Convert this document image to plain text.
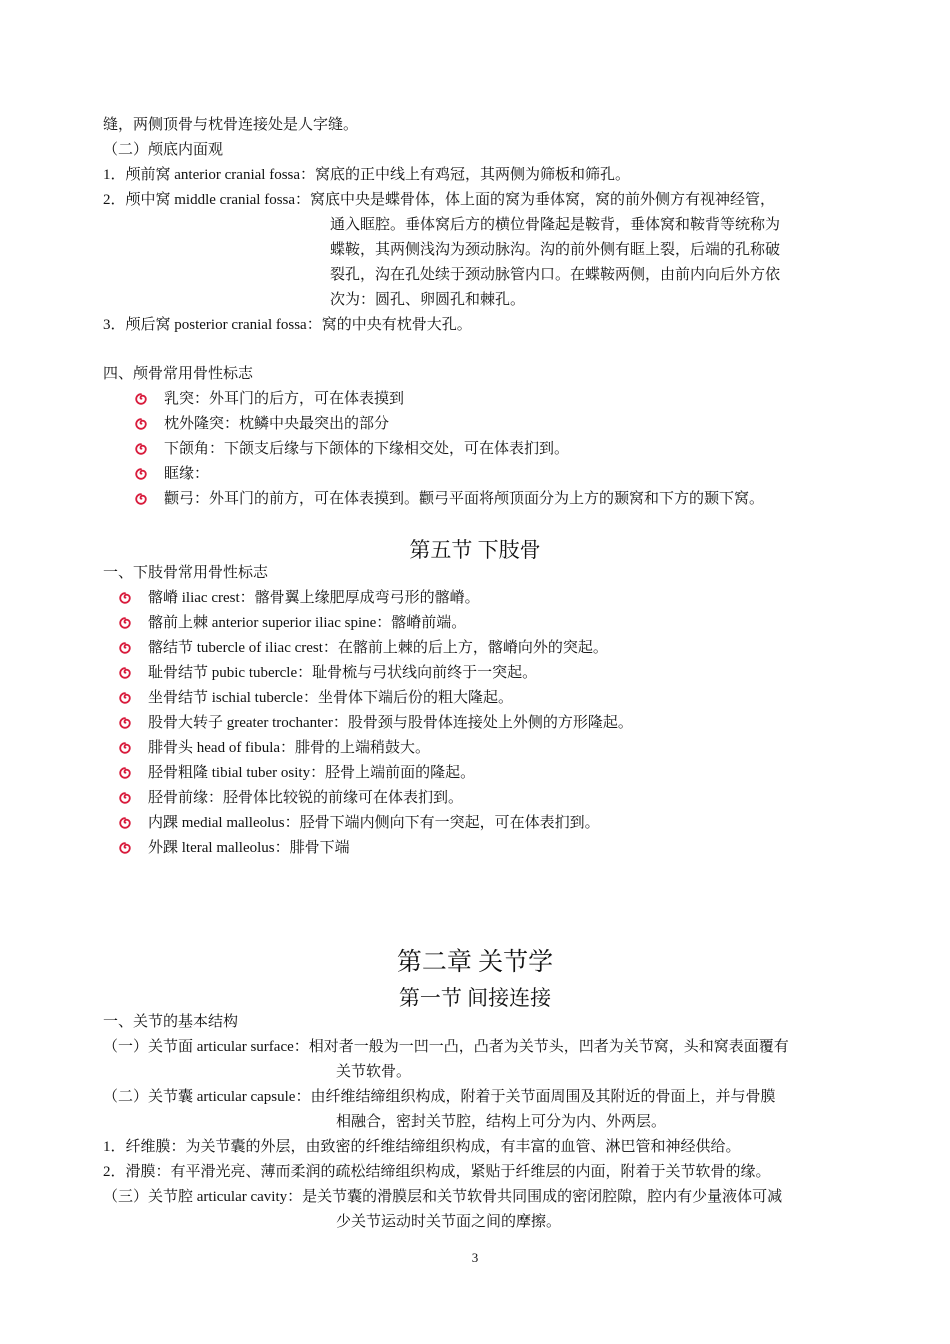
缝，两侧顶骨与枕骨连接处是人字缝。
（二）颅底内面观
1．颅前窝 anterior cranial fossa：窝底的正中线上有鸡冠，其两侧为筛板和筛孔。
2．颅中窝 middle cranial fossa：窝底中央是蝶骨体，体上面的窝为垂体窝，窝的前外侧方有视神经管，
通入眶腔。垂体窝后方的横位骨隆起是鞍背，垂体窝和鞍背等统称为
蝶鞍，其两侧浅沟为颈动脉沟。沟的前外侧有眶上裂，后端的孔称破
裂孔，沟在孔处续于颈动脉管内口。在蝶鞍两侧，由前内向后外方依
次为：圆孔、卵圆孔和棘孔。
3．颅后窝 posterior cranial fossa：窝的中央有枕骨大孔。
四、颅骨常用骨性标志
乳突：外耳门的后方，可在体表摸到
枕外隆突：枕鳞中央最突出的部分
下颌角：下颌支后缘与下颌体的下缘相交处，可在体表扪到。
眶缘：
颧弓：外耳门的前方，可在体表摸到。颧弓平面将颅顶面分为上方的颞窝和下方的颞下窝。
第五节 下肢骨
一、下肢骨常用骨性标志
髂嵴 iliac crest：髂骨翼上缘肥厚成弯弓形的髂嵴。
髂前上棘 anterior superior iliac spine：髂嵴前端。
髂结节 tubercle of iliac crest：在髂前上棘的后上方，髂嵴向外的突起。
耻骨结节 pubic tubercle：耻骨梳与弓状线向前终于一突起。
坐骨结节 ischial tubercle：坐骨体下端后份的粗大隆起。
股骨大转子 greater trochanter：股骨颈与股骨体连接处上外侧的方形隆起。
腓骨头 head of fibula：腓骨的上端稍鼓大。
胫骨粗隆 tibial tuber osity：胫骨上端前面的隆起。
胫骨前缘：胫骨体比较锐的前缘可在体表扪到。
内踝 medial malleolus：胫骨下端内侧向下有一突起，可在体表扪到。
外踝 lteral malleolus：腓骨下端
第二章 关节学
第一节 间接连接
一、关节的基本结构
（一）关节面 articular surface：相对者一般为一凹一凸，凸者为关节头，凹者为关节窝，头和窝表面覆有
关节软骨。
（二）关节囊 articular capsule：由纤维结缔组织构成，附着于关节面周围及其附近的骨面上，并与骨膜
相融合，密封关节腔，结构上可分为内、外两层。
1．纤维膜：为关节囊的外层，由致密的纤维结缔组织构成，有丰富的血管、淋巴管和神经供给。
2．滑膜：有平滑光亮、薄而柔润的疏松结缔组织构成，紧贴于纤维层的内面，附着于关节软骨的缘。
（三）关节腔 articular cavity：是关节囊的滑膜层和关节软骨共同围成的密闭腔隙，腔内有少量液体可减
少关节运动时关节面之间的摩擦。
3
